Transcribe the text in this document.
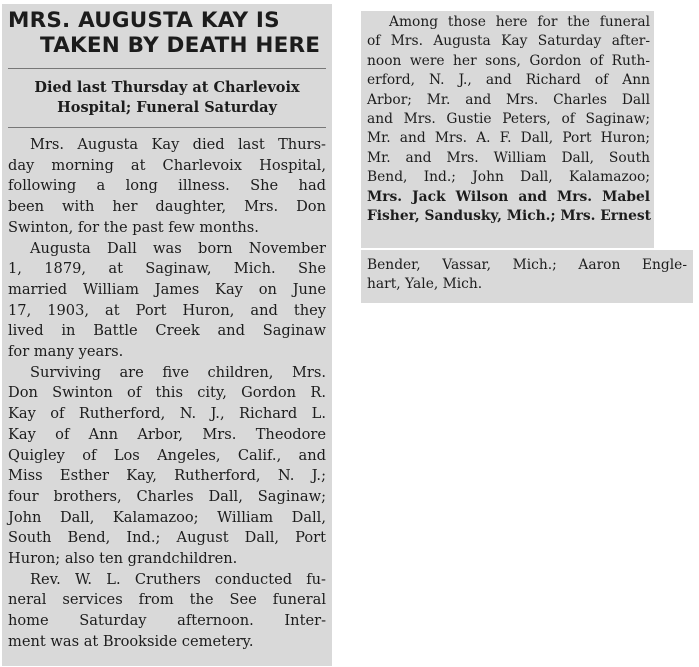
MRS. AUGUSTA KAY IS
TAKEN BY DEATH HERE
Died last Thursday at Charlevoix
Hospital; Funeral Saturday
Mrs. Augusta Kay died last Thurs-
day morning at Charlevoix Hospital,
following a long illness. She had
been with her daughter, Mrs. Don
Swinton, for the past few months.
Augusta Dall was born November
1, 1879, at Saginaw, Mich. She
married William James Kay on June
17, 1903, at Port Huron, and they
lived in Battle Creek and Saginaw
for many years.
Surviving are five children, Mrs.
Don Swinton of this city, Gordon R.
Kay of Rutherford, N. J., Richard L.
Kay of Ann Arbor, Mrs. Theodore
Quigley of Los Angeles, Calif., and
Miss Esther Kay, Rutherford, N. J.;
four brothers, Charles Dall, Saginaw;
John Dall, Kalamazoo; William Dall,
South Bend, Ind.; August Dall, Port
Huron; also ten grandchildren.
Rev. W. L. Cruthers conducted fu-
neral services from the See funeral
home Saturday afternoon. Inter-
ment was at Brookside cemetery.
Among those here for the funeral
of Mrs. Augusta Kay Saturday after-
noon were her sons, Gordon of Ruth-
erford, N. J., and Richard of Ann
Arbor; Mr. and Mrs. Charles Dall
and Mrs. Gustie Peters, of Saginaw;
Mr. and Mrs. A. F. Dall, Port Huron;
Mr. and Mrs. William Dall, South
Bend, Ind.; John Dall, Kalamazoo;
Mrs. Jack Wilson and Mrs. Mabel
Fisher, Sandusky, Mich.; Mrs. Ernest
Bender, Vassar, Mich.; Aaron Engle-
hart, Yale, Mich.
